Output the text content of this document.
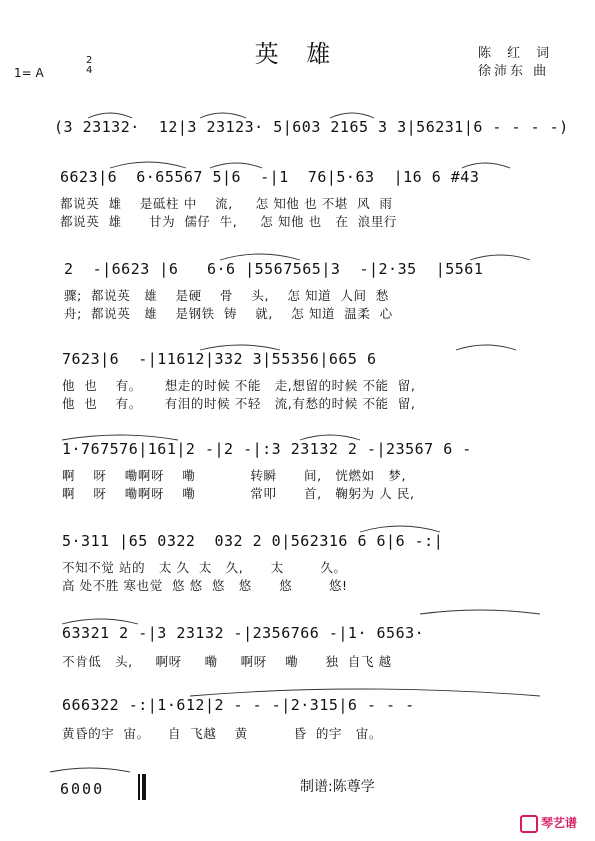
英 雄	陈 红 词
徐沛东 曲
1= A
2
4
(3 23132·  12|3 23123· 5|603 2165 3 3|56231|6 - - - -)
6623|6  6·65567 5|6  -|1  76|5·63  |16 6 #43
都说英  雄    是砥柱 中    流,     怎 知他 也 不堪  风  雨
都说英  雄      甘为  儒仔  牛,     怎 知他 也   在  浪里行
2  -|6623 |6   6·6 |5567565|3  -|2·35  |5561
骤;  都说英   雄    是硬    骨    头,    怎 知道  人间  愁
舟;  都说英   雄    是钢铁  铸    就,    怎 知道  温柔  心
7623|6  -|11612|332 3|55356|665 6
他  也    有。     想走的时候 不能   走,想留的时候 不能  留,
他  也    有。     有泪的时候 不轻   流,有愁的时候 不能  留,
1·767576|161|2 -|2 -|:3 23132 2 -|23567 6 -
啊    呀    嘞啊呀    嘞            转瞬      间,   恍燃如   梦,
啊    呀    嘞啊呀    嘞            常叩      首,   鞠躬为 人 民,
5·311 |65 0322  032 2 0|562316 6 6|6 -:|
不知不觉 站的   太 久  太   久,      太        久。
高 处不胜 寒也觉  悠 悠  悠   悠      悠        悠!
63321 2 -|3 23132 -|2356766 -|1· 6563·
不肯低   头,     啊呀     嘞     啊呀    嘞      独  自飞 越
666322 -:|1·612|2 - - -|2·315|6 - - -
黄昏的宇  宙。    自  飞越    黄          昏  的宇   宙。
6000	制谱:陈尊学
琴艺谱
